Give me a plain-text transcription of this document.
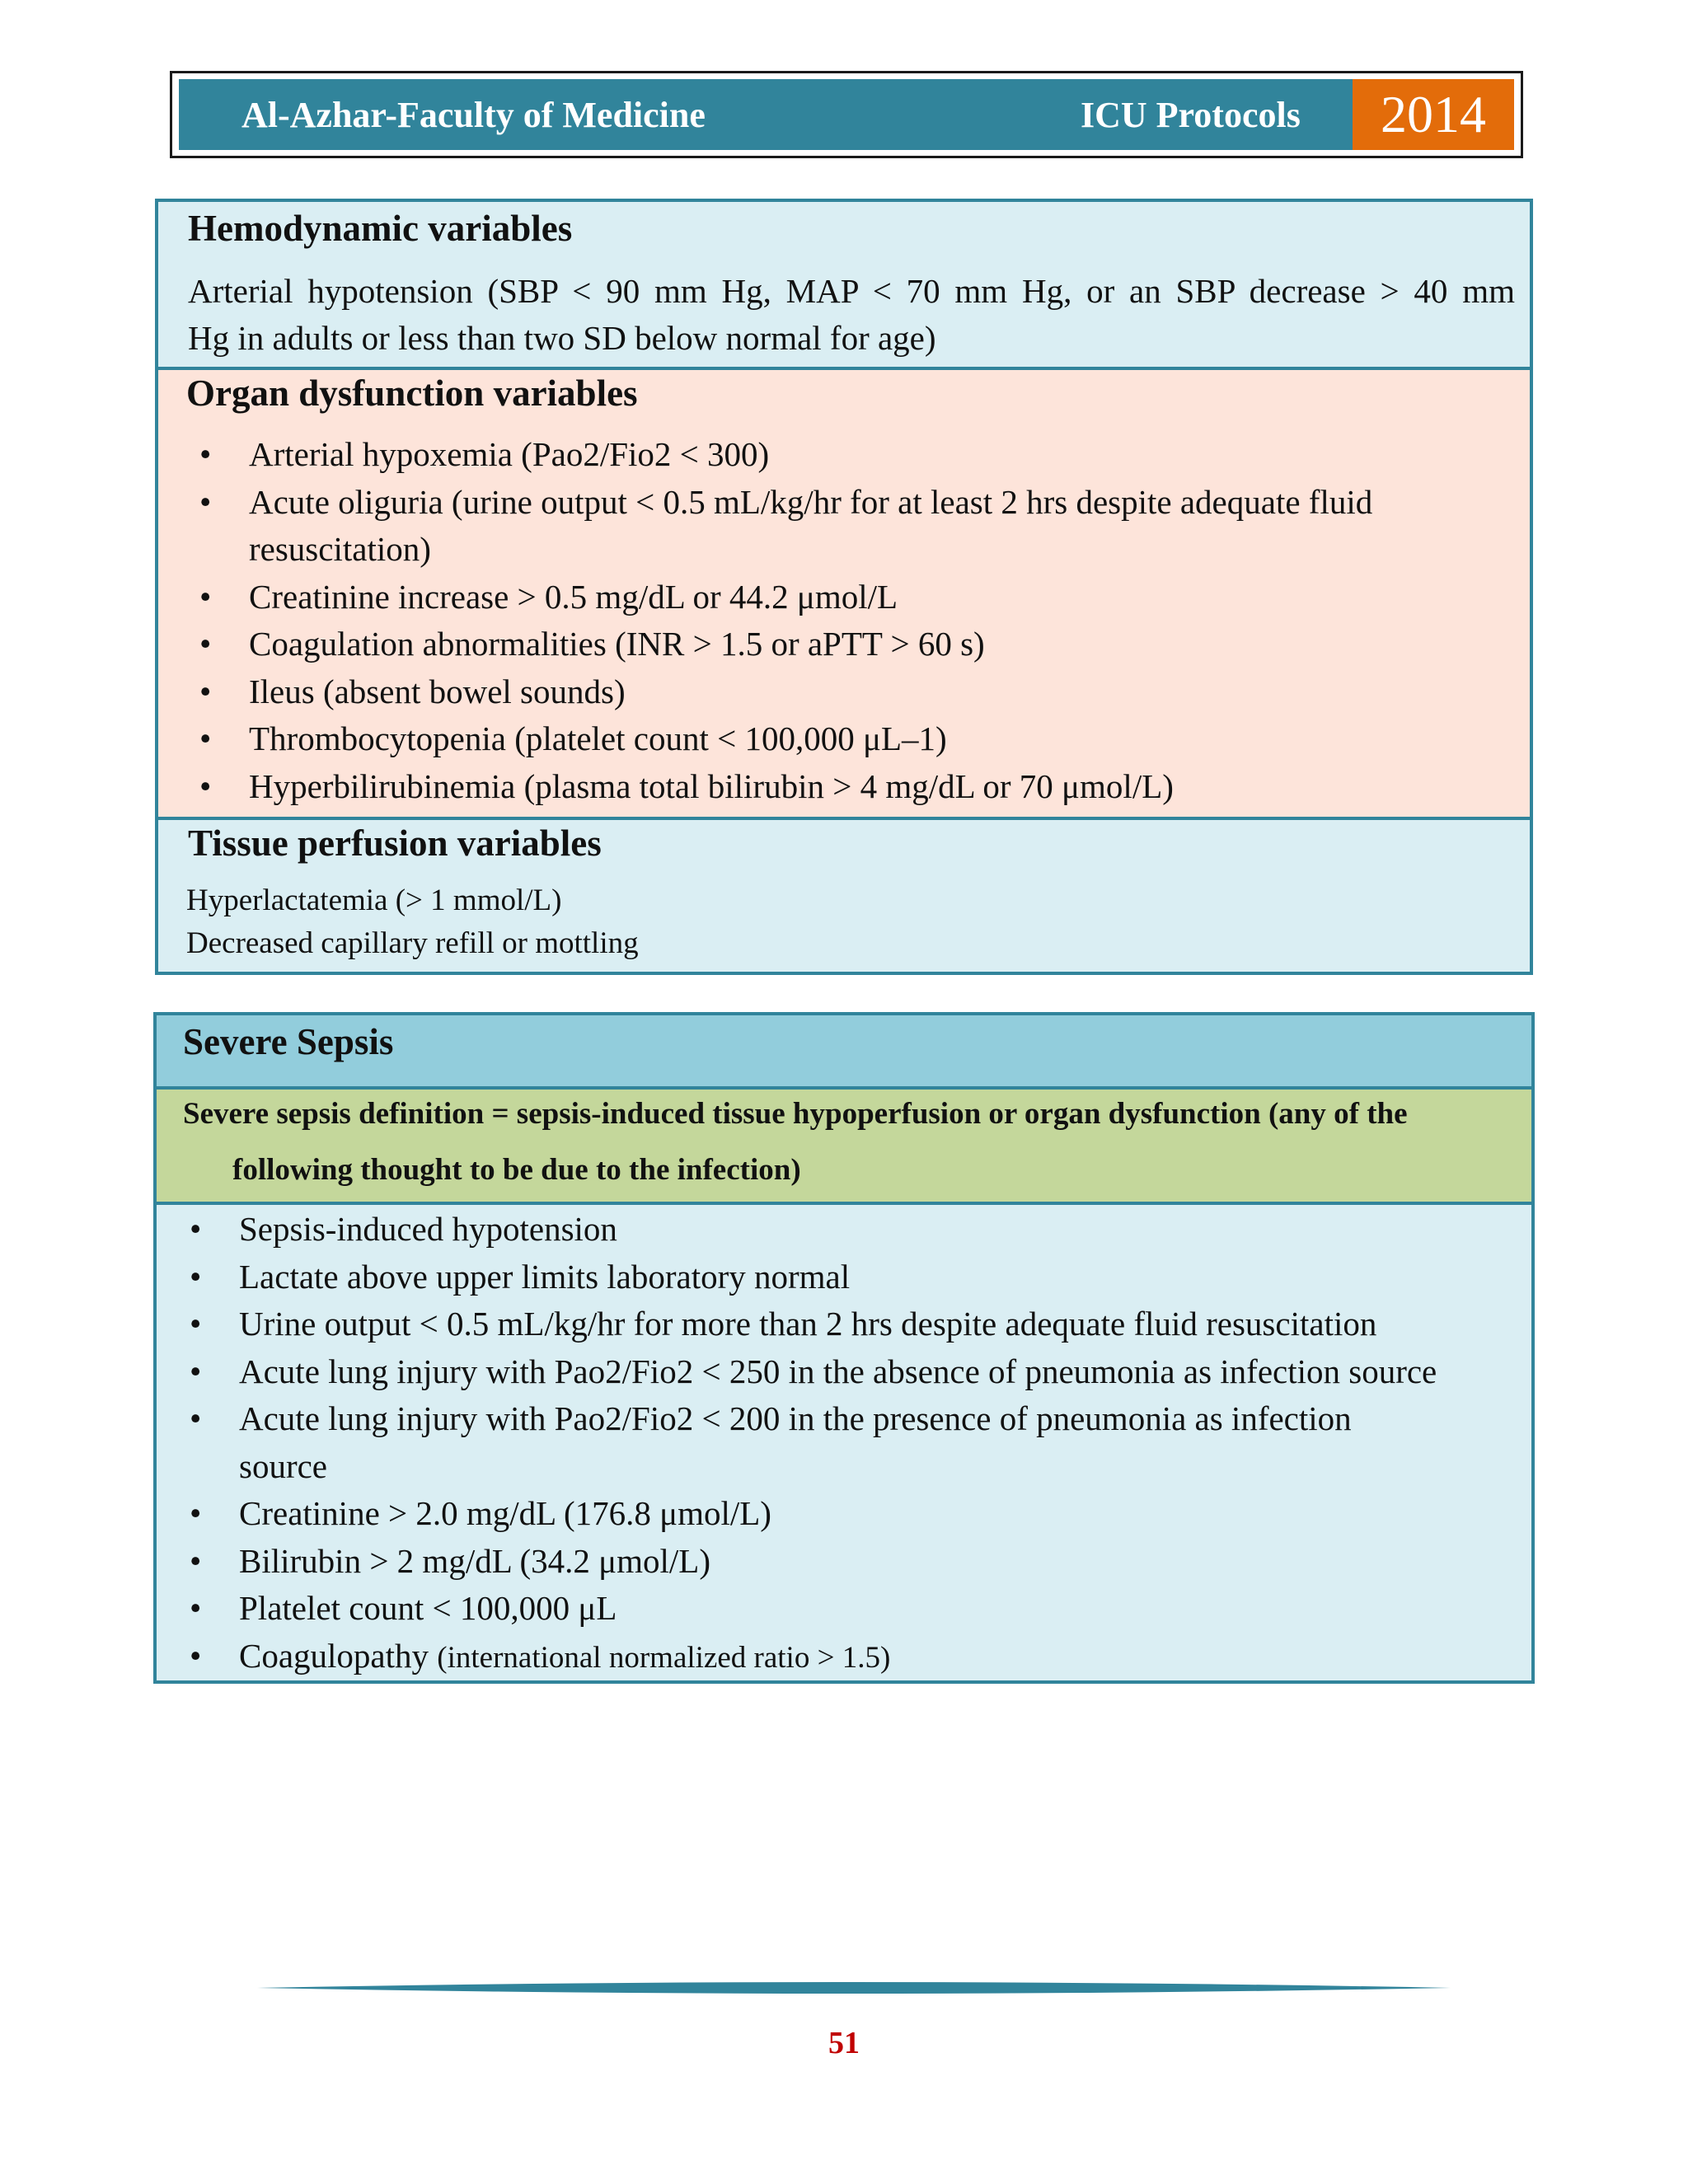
Al-Azhar-Faculty of Medicine	ICU Protocols	2014
Hemodynamic variables
Arterial hypotension (SBP < 90 mm Hg, MAP < 70 mm Hg, or an SBP decrease > 40 mm
Hg in adults or less than two SD below normal for age)
Organ dysfunction variables
• Arterial hypoxemia (Pao2/Fio2 < 300)
• Acute oliguria (urine output < 0.5 mL/kg/hr for at least 2 hrs despite adequate fluid
resuscitation)
• Creatinine increase > 0.5 mg/dL or 44.2 μmol/L
• Coagulation abnormalities (INR > 1.5 or aPTT > 60 s)
• Ileus (absent bowel sounds)
• Thrombocytopenia (platelet count < 100,000 μL–1)
• Hyperbilirubinemia (plasma total bilirubin > 4 mg/dL or 70 μmol/L)
Tissue perfusion variables
Hyperlactatemia (> 1 mmol/L)
Decreased capillary refill or mottling
Severe Sepsis
Severe sepsis definition = sepsis-induced tissue hypoperfusion or organ dysfunction (any of the
following thought to be due to the infection)
• Sepsis-induced hypotension
• Lactate above upper limits laboratory normal
• Urine output < 0.5 mL/kg/hr for more than 2 hrs despite adequate fluid resuscitation
• Acute lung injury with Pao2/Fio2 < 250 in the absence of pneumonia as infection source
• Acute lung injury with Pao2/Fio2 < 200 in the presence of pneumonia as infection
source
• Creatinine > 2.0 mg/dL (176.8 μmol/L)
• Bilirubin > 2 mg/dL (34.2 μmol/L)
• Platelet count < 100,000 μL
• Coagulopathy (international normalized ratio > 1.5)
51
